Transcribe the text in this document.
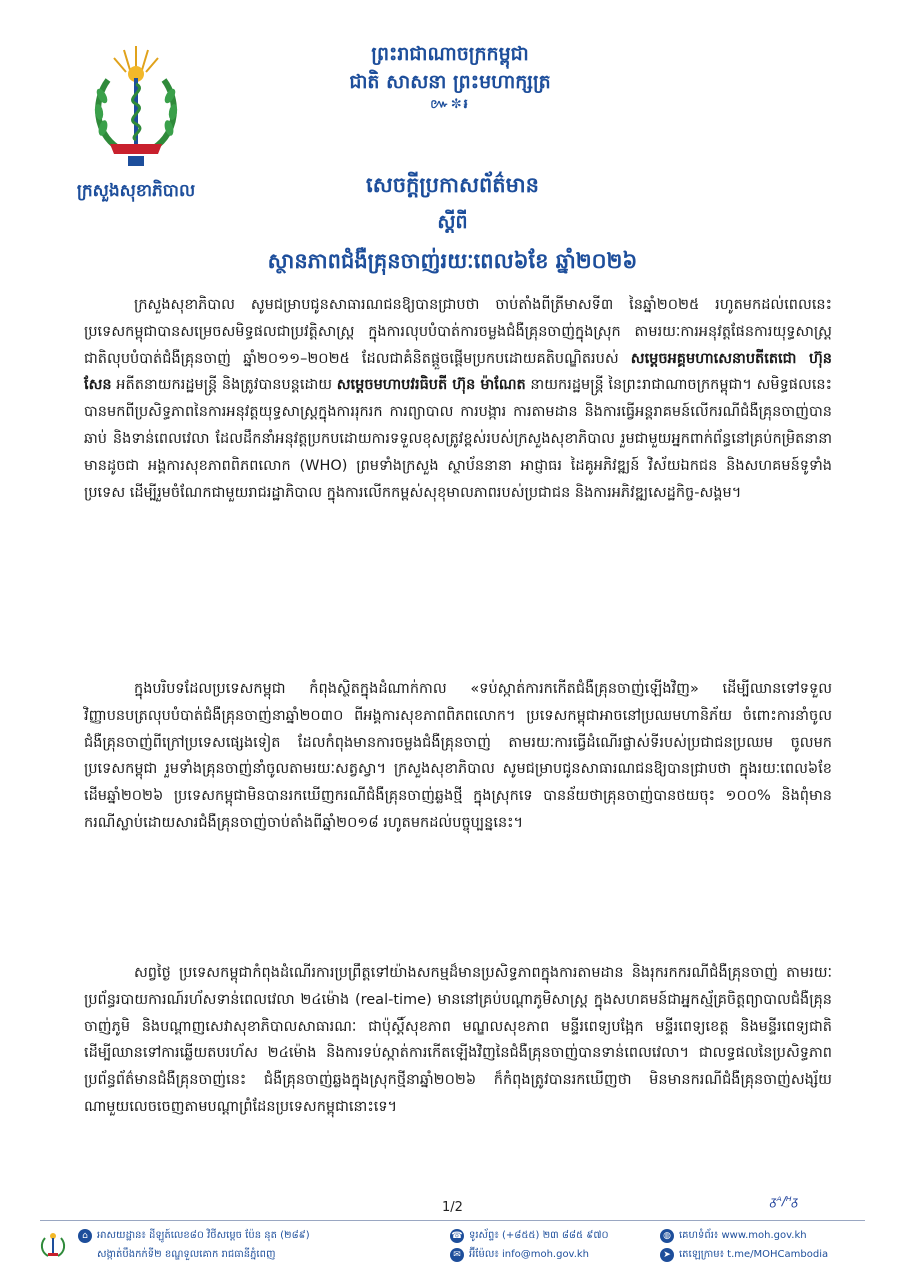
ក្រសួងសុខាភិបាល
ព្រះរាជាណាចក្រកម្ពុជា
ជាតិ សាសនា ព្រះមហាក្សត្រ
៚✼៛
សេចក្តីប្រកាសព័ត៌មាន
ស្តីពី
ស្ថានភាពជំងឺគ្រុនចាញ់រយៈពេល៦ខែ ឆ្នាំ២០២៦
ក្រសួងសុខាភិបាល សូមជម្រាបជូនសាធារណជនឱ្យបានជ្រាបថា ចាប់តាំងពីត្រីមាសទី៣ នៃឆ្នាំ២០២៥ រហូតមកដល់ពេលនេះ ប្រទេសកម្ពុជាបានសម្រេចសមិទ្ធផលជាប្រវត្តិសាស្ត្រ ក្នុងការលុបបំបាត់ការចម្លងជំងឺគ្រុនចាញ់ក្នុងស្រុក តាមរយៈការអនុវត្តផែនការយុទ្ធសាស្ត្រជាតិលុបបំបាត់ជំងឺគ្រុនចាញ់ ឆ្នាំ២០១១–២០២៥ ដែលជាគំនិតផ្តួចផ្តើមប្រកបដោយគតិបណ្ឌិតរបស់ សម្តេចអគ្គមហាសេនាបតីតេជោ ហ៊ុន សែន អតីតនាយករដ្ឋមន្ត្រី និងត្រូវបានបន្តដោយ សម្តេចមហាបវរធិបតី ហ៊ុន ម៉ាណែត នាយករដ្ឋមន្ត្រី នៃព្រះរាជាណាចក្រកម្ពុជា។ សមិទ្ធផលនេះ បានមកពីប្រសិទ្ធភាពនៃការអនុវត្តយុទ្ធសាស្ត្រក្នុងការរុករក ការព្យាបាល ការបង្ការ ការតាមដាន និងការធ្វើអន្តរាគមន៍លើករណីជំងឺគ្រុនចាញ់បានឆាប់ និងទាន់ពេលវេលា ដែលដឹកនាំអនុវត្តប្រកបដោយការទទួលខុសត្រូវខ្ពស់របស់ក្រសួងសុខាភិបាល រួមជាមួយអ្នកពាក់ព័ន្ធនៅគ្រប់កម្រិតនានា មានដូចជា អង្គការសុខភាពពិភពលោក (WHO) ព្រមទាំងក្រសួង ស្ថាប័ននានា អាជ្ញាធរ ដៃគូអភិវឌ្ឍន៍ វិស័យឯកជន និងសហគមន៍ទូទាំងប្រទេស ដើម្បីរួមចំណែកជាមួយរាជរដ្ឋាភិបាល ក្នុងការលើកកម្ពស់សុខុមាលភាពរបស់ប្រជាជន និងការអភិវឌ្ឍសេដ្ឋកិច្ច-សង្គម។
ក្នុងបរិបទដែលប្រទេសកម្ពុជា កំពុងស្ថិតក្នុងដំណាក់កាល «ទប់ស្កាត់ការកកើតជំងឺគ្រុនចាញ់ឡើងវិញ» ដើម្បីឈានទៅទទួលវិញ្ញាបនបត្រលុបបំបាត់ជំងឺគ្រុនចាញ់នាឆ្នាំ២០៣០ ពីអង្គការសុខភាពពិភពលោក។ ប្រទេសកម្ពុជាអាចនៅប្រឈមហានិភ័យ ចំពោះការនាំចូលជំងឺគ្រុនចាញ់ពីក្រៅប្រទេសផ្សេងទៀត ដែលកំពុងមានការចម្លងជំងឺគ្រុនចាញ់ តាមរយៈការធ្វើដំណើរផ្លាស់ទីរបស់ប្រជាជនប្រឈម ចូលមកប្រទេសកម្ពុជា រួមទាំងគ្រុនចាញ់នាំចូលតាមរយៈសត្វស្វា។ ក្រសួងសុខាភិបាល សូមជម្រាបជូនសាធារណជនឱ្យបានជ្រាបថា ក្នុងរយៈពេល៦ខែដើមឆ្នាំ២០២៦ ប្រទេសកម្ពុជាមិនបានរកឃើញករណីជំងឺគ្រុនចាញ់ឆ្លងថ្មី ក្នុងស្រុកទេ បានន័យថាគ្រុនចាញ់បានថយចុះ ១០០% និងពុំមានករណីស្លាប់ដោយសារជំងឺគ្រុនចាញ់ចាប់តាំងពីឆ្នាំ២០១៨ រហូតមកដល់បច្ចុប្បន្ននេះ។
សព្វថ្ងៃ ប្រទេសកម្ពុជាកំពុងដំណើរការប្រព្រឹត្តទៅយ៉ាងសកម្មដ៏មានប្រសិទ្ធភាពក្នុងការតាមដាន និងរុករកករណីជំងឺគ្រុនចាញ់ តាមរយៈប្រព័ន្ធរបាយការណ៍រហ័សទាន់ពេលវេលា ២៤ម៉ោង (real-time) មាននៅគ្រប់បណ្តាភូមិសាស្ត្រ ក្នុងសហគមន៍ជាអ្នកស្ម័គ្រចិត្តព្យាបាលជំងឺគ្រុនចាញ់ភូមិ និងបណ្តាញសេវាសុខាភិបាលសាធារណៈ ជាប៉ុស្តិ៍សុខភាព មណ្ឌលសុខភាព មន្ទីរពេទ្យបង្អែក មន្ទីរពេទ្យខេត្ត និងមន្ទីរពេទ្យជាតិ ដើម្បីឈានទៅការឆ្លើយតបរហ័ស ២៤ម៉ោង និងការទប់ស្កាត់ការកើតឡើងវិញនៃជំងឺគ្រុនចាញ់បានទាន់ពេលវេលា។ ជាលទ្ធផលនៃប្រសិទ្ធភាពប្រព័ន្ធព័ត៌មានជំងឺគ្រុនចាញ់នេះ ជំងឺគ្រុនចាញ់ឆ្លងក្នុងស្រុកថ្មីនាឆ្នាំ២០២៦ ក៏កំពុងត្រូវបានរកឃើញថា មិនមានករណីជំងឺគ្រុនចាញ់សង្ស័យណាមួយលេចចេញតាមបណ្តាព្រំដែនប្រទេសកម្ពុជានោះទេ។
1/2	ᵹᴬ/ᵸᵹ
⌂ អាសយដ្ឋាន៖ ដីឡូត៍លេខ៨០ វិថីសម្តេច ប៉ែន នុត (២៨៩)
សង្កាត់បឹងកក់ទី២ ខណ្ឌទួលគោក រាជធានីភ្នំពេញ
☎ ទូរស័ព្ទ៖ (+៨៥៥) ២៣ ៨៨៥ ៩៧០
✉ អ៊ីម៉ែល៖ info@moh.gov.kh
◍ គេហទំព័រ៖ www.moh.gov.kh
➤ តេឡេក្រាម៖ t.me/MOHCambodia
